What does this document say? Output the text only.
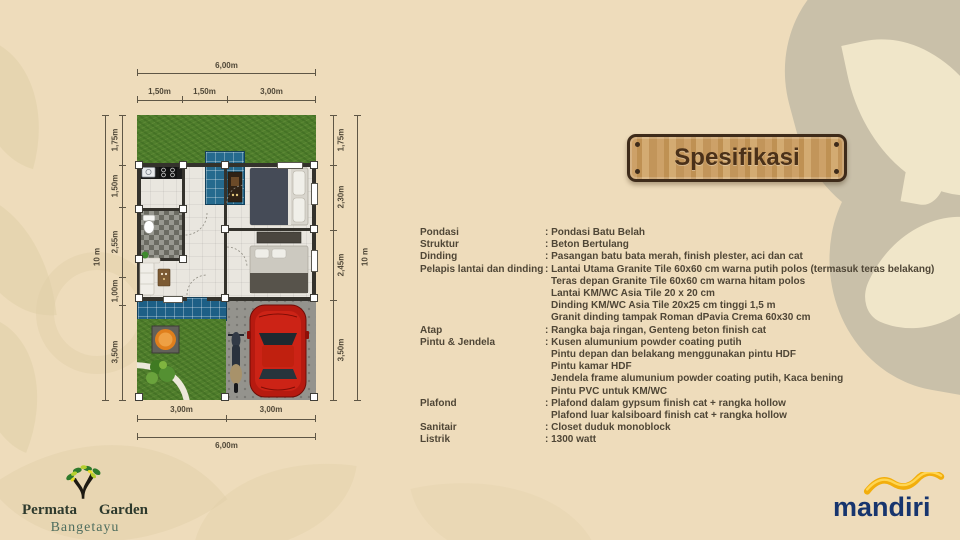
6,00m
1,50m	1,50m	3,00m
3,00m	3,00m
6,00m
10 m
1,75m
1,50m
2,55m
1,00m
3,50m
1,75m
2,30m
2,45m
3,50m
10 m
Spesifikasi
Pondasi	: Pondasi Batu Belah
Struktur	: Beton Bertulang
Dinding	: Pasangan batu bata merah, finish plester, aci dan cat
Pelapis lantai dan dinding : Lantai Utama Granite Tile 60x60 cm warna putih polos (termasuk teras belakang)
Teras depan Granite Tile 60x60 cm warna hitam polos
Lantai KM/WC Asia Tile 20 x 20 cm
Dinding KM/WC Asia Tile 20x25 cm tinggi 1,5 m
Granit dinding tampak Roman dPavia Crema 60x30 cm
Atap	: Rangka baja ringan, Genteng beton finish cat
Pintu & Jendela	: Kusen alumunium powder coating putih
Pintu depan dan belakang menggunakan pintu HDF
Pintu kamar HDF
Jendela frame alumunium powder coating putih, Kaca bening
Pintu PVC untuk KM/WC
Plafond	: Plafond dalam gypsum finish cat + rangka hollow
Plafond luar kalsiboard finish cat + rangka hollow
Sanitair	: Closet duduk monoblock
Listrik	: 1300 watt
Permata Garden
Bangetayu
mandiri
